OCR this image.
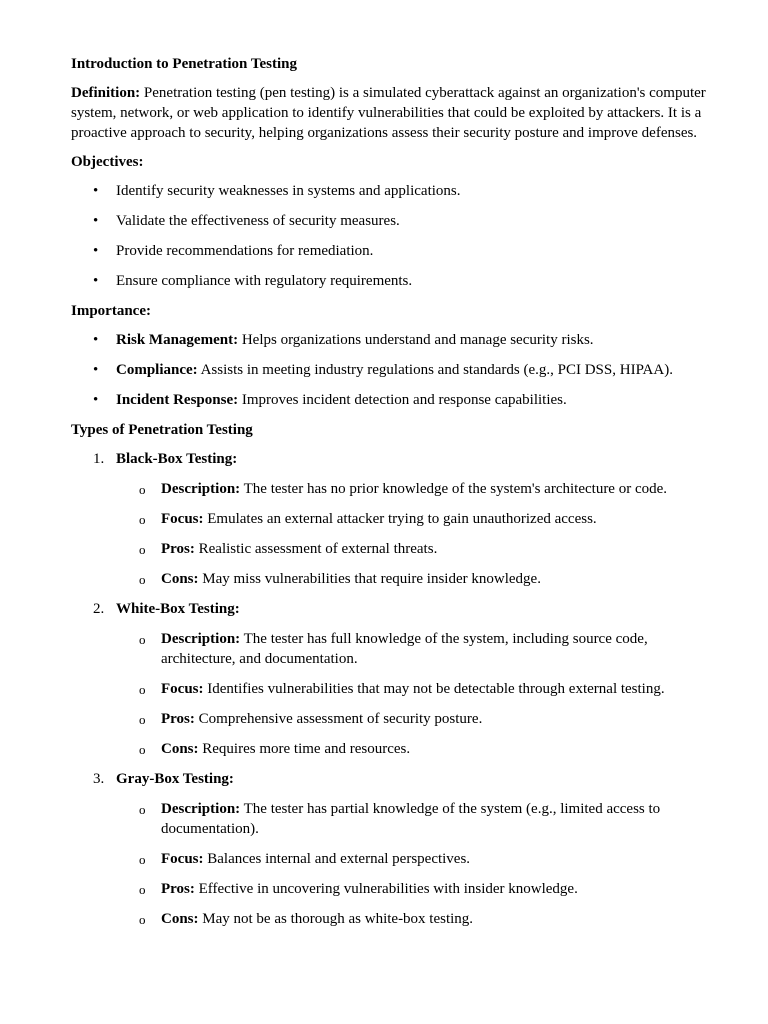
Introduction to Penetration Testing

Definition: Penetration testing (pen testing) is a simulated cyberattack against an organization's computer system, network, or web application to identify vulnerabilities that could be exploited by attackers. It is a proactive approach to security, helping organizations assess their security posture and improve defenses.

Objectives:

• Identify security weaknesses in systems and applications.
• Validate the effectiveness of security measures.
• Provide recommendations for remediation.
• Ensure compliance with regulatory requirements.

Importance:

• Risk Management: Helps organizations understand and manage security risks.
• Compliance: Assists in meeting industry regulations and standards (e.g., PCI DSS, HIPAA).
• Incident Response: Improves incident detection and response capabilities.

Types of Penetration Testing

1. Black-Box Testing:
o Description: The tester has no prior knowledge of the system's architecture or code.
o Focus: Emulates an external attacker trying to gain unauthorized access.
o Pros: Realistic assessment of external threats.
o Cons: May miss vulnerabilities that require insider knowledge.
2. White-Box Testing:
o Description: The tester has full knowledge of the system, including source code, architecture, and documentation.
o Focus: Identifies vulnerabilities that may not be detectable through external testing.
o Pros: Comprehensive assessment of security posture.
o Cons: Requires more time and resources.
3. Gray-Box Testing:
o Description: The tester has partial knowledge of the system (e.g., limited access to documentation).
o Focus: Balances internal and external perspectives.
o Pros: Effective in uncovering vulnerabilities with insider knowledge.
o Cons: May not be as thorough as white-box testing.
